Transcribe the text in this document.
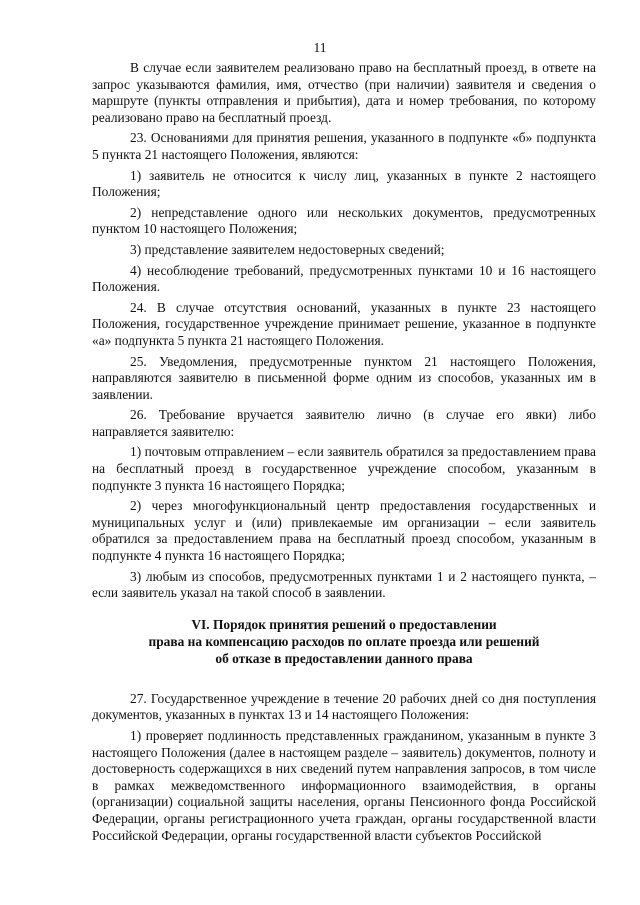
11

В случае если заявителем реализовано право на бесплатный проезд, в ответе на запрос указываются фамилия, имя, отчество (при наличии) заявителя и сведения о маршруте (пункты отправления и прибытия), дата и номер требования, по которому реализовано право на бесплатный проезд.

23. Основаниями для принятия решения, указанного в подпункте «б» подпункта 5 пункта 21 настоящего Положения, являются:

1) заявитель не относится к числу лиц, указанных в пункте 2 настоящего Положения;

2) непредставление одного или нескольких документов, предусмотренных пунктом 10 настоящего Положения;

3) представление заявителем недостоверных сведений;

4) несоблюдение требований, предусмотренных пунктами 10 и 16 настоящего Положения.

24. В случае отсутствия оснований, указанных в пункте 23 настоящего Положения, государственное учреждение принимает решение, указанное в подпункте «а» подпункта 5 пункта 21 настоящего Положения.

25. Уведомления, предусмотренные пунктом 21 настоящего Положения, направляются заявителю в письменной форме одним из способов, указанных им в заявлении.

26. Требование вручается заявителю лично (в случае его явки) либо направляется заявителю:

1) почтовым отправлением – если заявитель обратился за предоставлением права на бесплатный проезд в государственное учреждение способом, указанным в подпункте 3 пункта 16 настоящего Порядка;

2) через многофункциональный центр предоставления государственных и муниципальных услуг и (или) привлекаемые им организации – если заявитель обратился за предоставлением права на бесплатный проезд способом, указанным в подпункте 4 пункта 16 настоящего Порядка;

3) любым из способов, предусмотренных пунктами 1 и 2 настоящего пункта, – если заявитель указал на такой способ в заявлении.

VI. Порядок принятия решений о предоставлении
права на компенсацию расходов по оплате проезда или решений
об отказе в предоставлении данного права

27. Государственное учреждение в течение 20 рабочих дней со дня поступления документов, указанных в пунктах 13 и 14 настоящего Положения:

1) проверяет подлинность представленных гражданином, указанным в пункте 3 настоящего Положения (далее в настоящем разделе – заявитель) документов, полноту и достоверность содержащихся в них сведений путем направления запросов, в том числе в рамках межведомственного информационного взаимодействия, в органы (организации) социальной защиты населения, органы Пенсионного фонда Российской Федерации, органы регистрационного учета граждан, органы государственной власти Российской Федерации, органы государственной власти субъектов Российской
